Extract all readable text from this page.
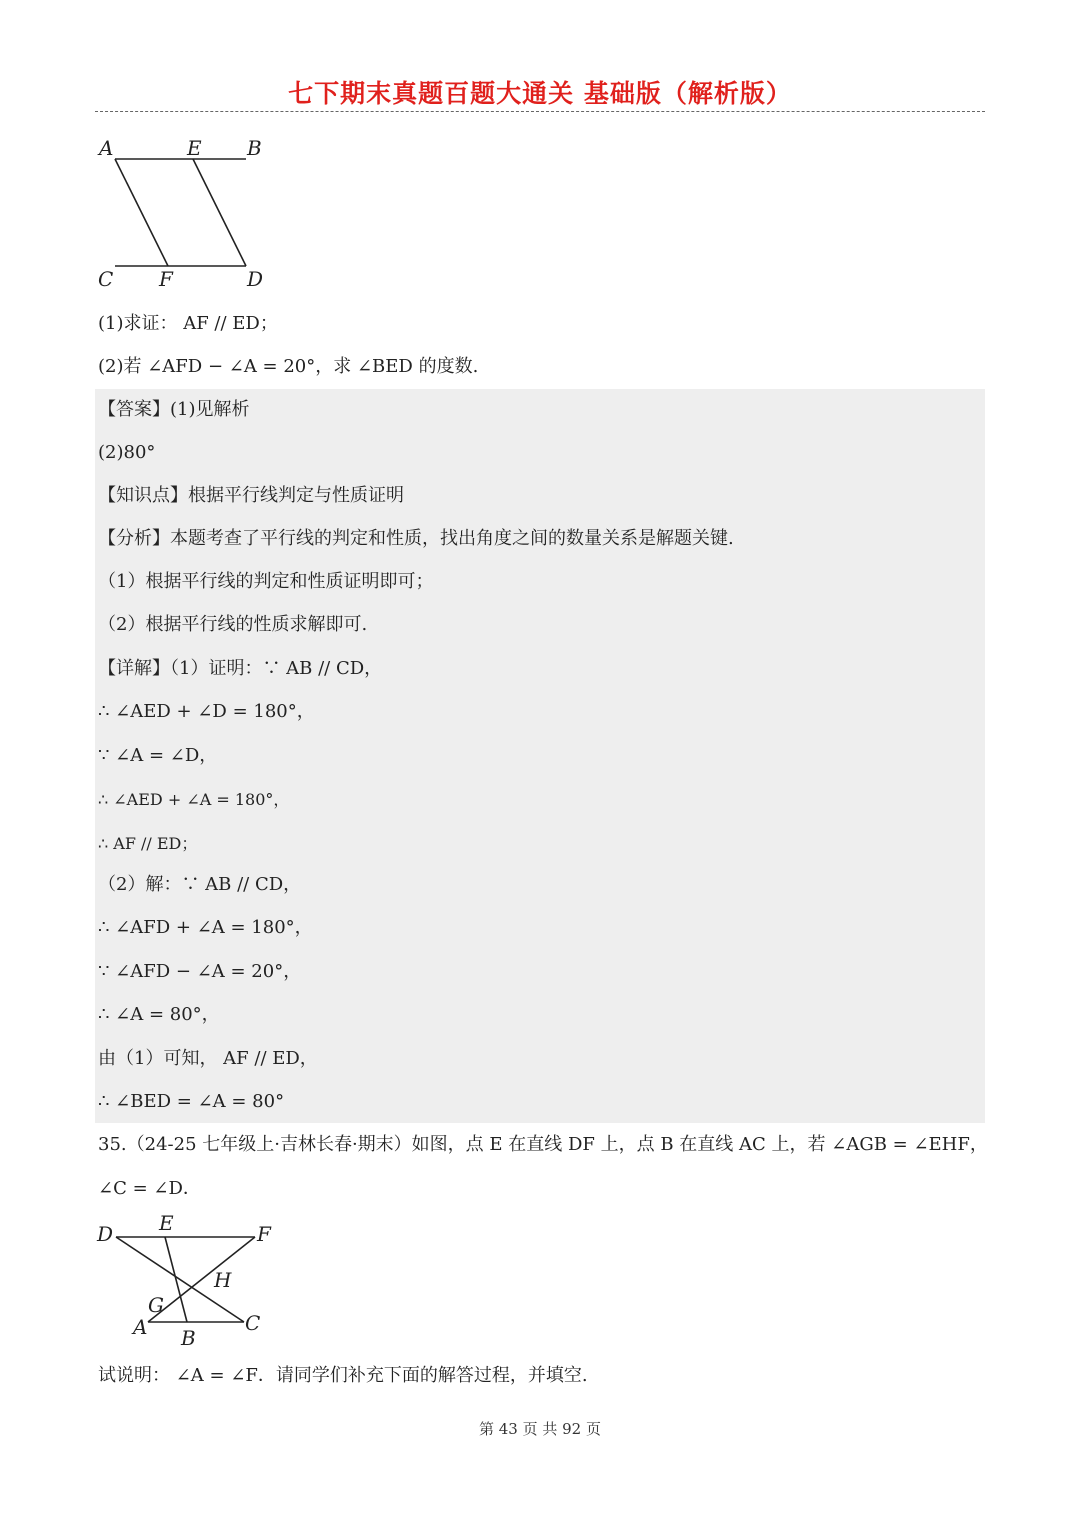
七下期末真题百题大通关 基础版（解析版）
A	E B
C F	D
(1)求证： AF // ED；
(2)若 ∠AFD − ∠A = 20°，求 ∠BED 的度数.
【答案】(1)见解析
(2)80°
【知识点】根据平行线判定与性质证明
【分析】本题考查了平行线的判定和性质，找出角度之间的数量关系是解题关键.
（1）根据平行线的判定和性质证明即可；
（2）根据平行线的性质求解即可.
【详解】（1）证明：∵ AB // CD，
∴ ∠AED + ∠D = 180°，
∵ ∠A = ∠D，
∴ ∠AED + ∠A = 180°，
∴ AF // ED；
（2）解：∵ AB // CD，
∴ ∠AFD + ∠A = 180°，
∵ ∠AFD − ∠A = 20°，
∴ ∠A = 80°，
由（1）可知， AF // ED，
∴ ∠BED = ∠A = 80°
35.（24-25 七年级上·吉林长春·期末）如图，点 E 在直线 DF 上，点 B 在直线 AC 上，若 ∠AGB = ∠EHF，
∠C = ∠D．
D E	F
H
G
A B
C
试说明： ∠A = ∠F．请同学们补充下面的解答过程，并填空.
第 43 页 共 92 页
